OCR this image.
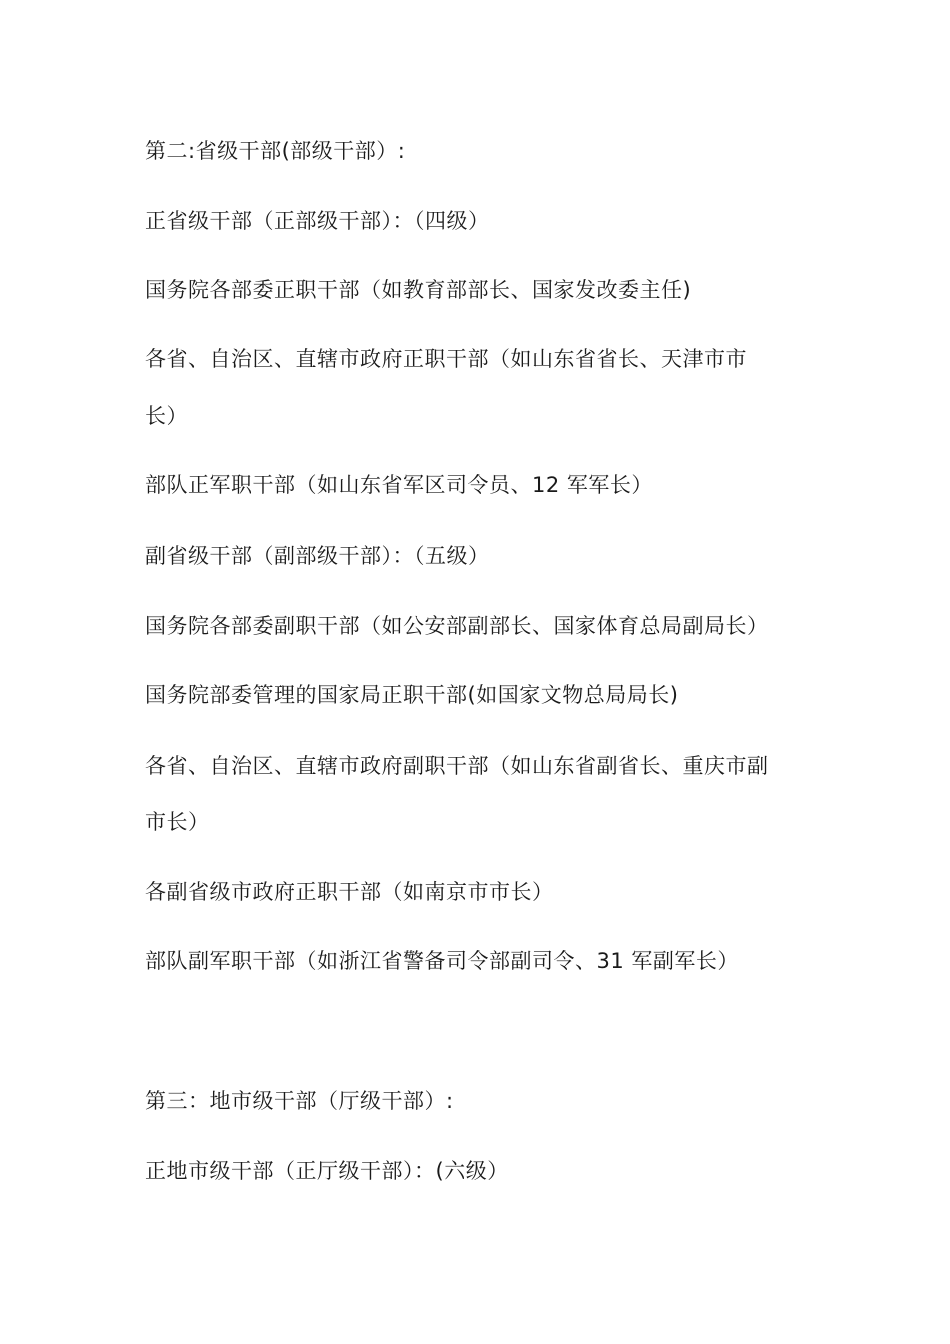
第二:省级干部(部级干部）:
正省级干部（正部级干部）：（四级）
国务院各部委正职干部（如教育部部长、国家发改委主任)
各省、自治区、直辖市政府正职干部（如山东省省长、天津市市
长）
部队正军职干部（如山东省军区司令员、12 军军长）
副省级干部（副部级干部）：（五级）
国务院各部委副职干部（如公安部副部长、国家体育总局副局长）
国务院部委管理的国家局正职干部(如国家文物总局局长)
各省、自治区、直辖市政府副职干部（如山东省副省长、重庆市副
市长）
各副省级市政府正职干部（如南京市市长）
部队副军职干部（如浙江省警备司令部副司令、31 军副军长）
第三：地市级干部（厅级干部）:
正地市级干部（正厅级干部）：(六级）
